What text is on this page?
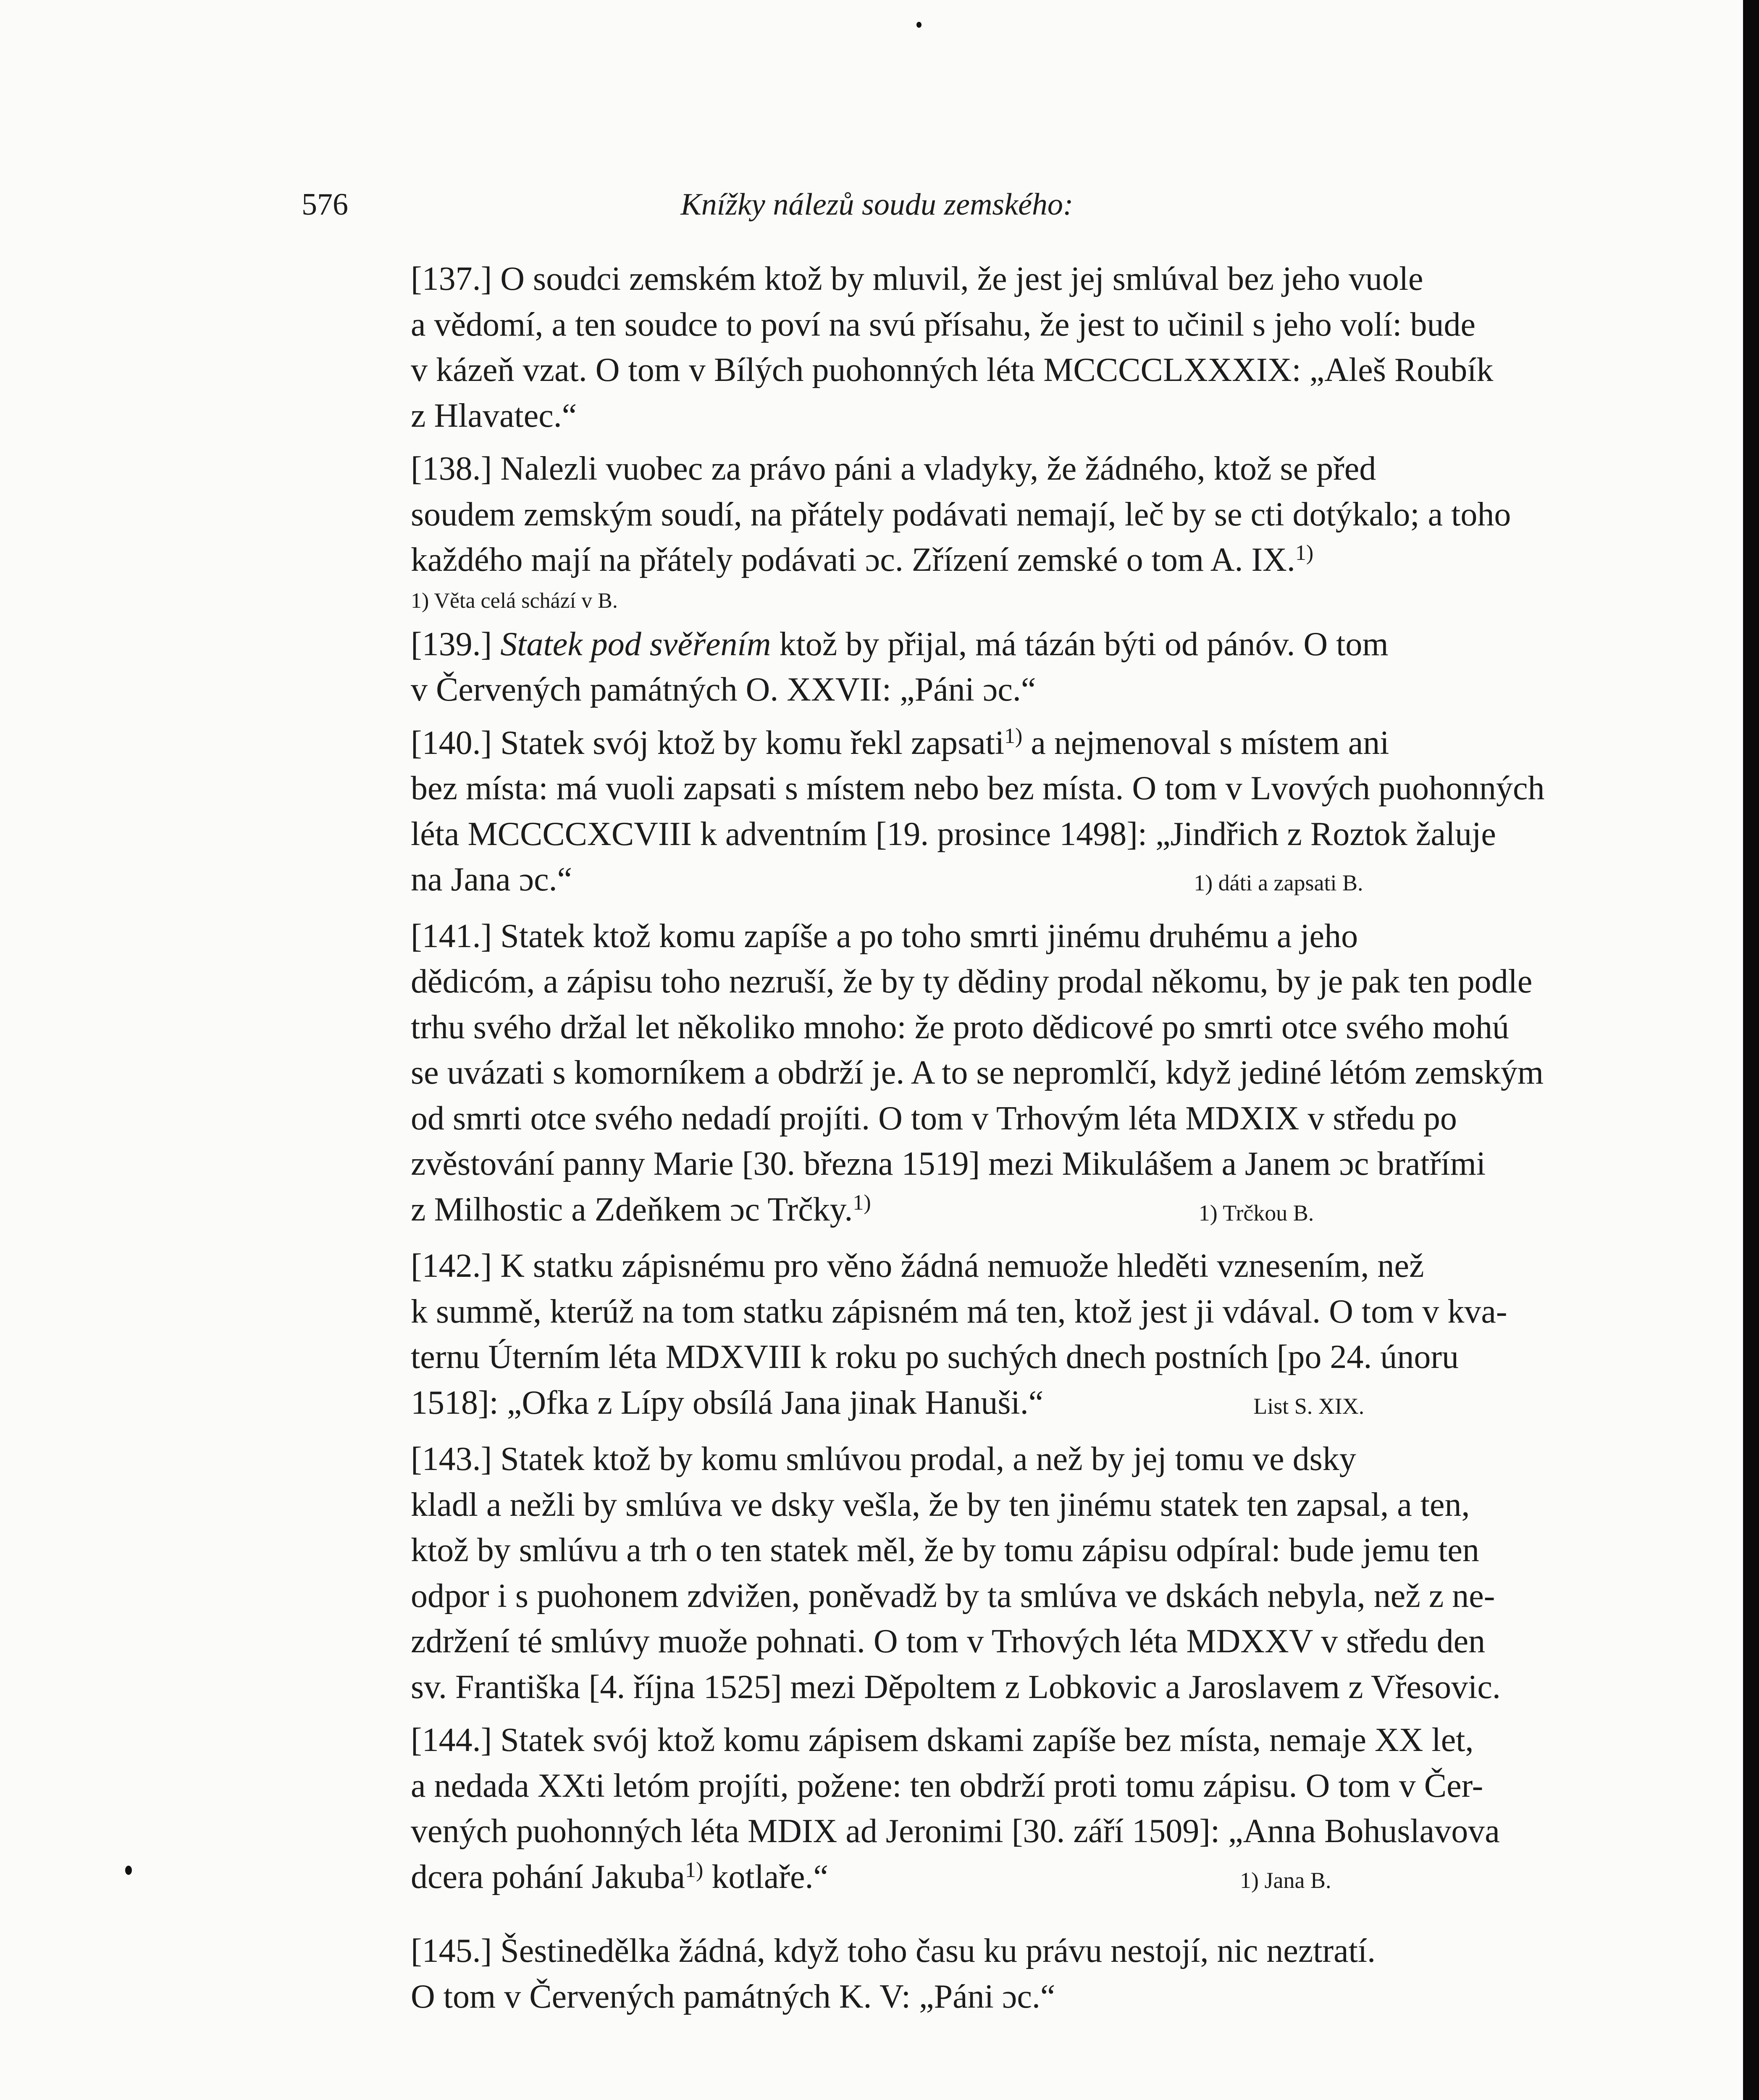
576	Knížky nálezů soudu zemského:
[137.] O soudci zemském ktož by mluvil, že jest jej smlúval bez jeho vuole
a vědomí, a ten soudce to poví na svú přísahu, že jest to učinil s jeho volí: bude
v kázeň vzat. O tom v Bílých puohonných léta MCCCCLXXXIX: „Aleš Roubík
z Hlavatec.“
[138.] Nalezli vuobec za právo páni a vladyky, že žádného, ktož se před
soudem zemským soudí, na přátely podávati nemají, leč by se cti dotýkalo; a toho
každého mají na přátely podávati ɔc. Zřízení zemské o tom A. IX.$^{1)}$
1) Věta celá schází v B.
[139.] Statek pod svěřením ktož by přijal, má tázán býti od pánóv. O tom
v Červených památných O. XXVII: „Páni ɔc.“
[140.] Statek svój ktož by komu řekl zapsati$^{1)}$ a nejmenoval s místem ani
bez místa: má vuoli zapsati s místem nebo bez místa. O tom v Lvových puohonných
léta MCCCCXCVIII k adventním [19. prosince 1498]: „Jindřich z Roztok žaluje
na Jana ɔc.“	1) dáti a zapsati B.
[141.] Statek ktož komu zapíše a po toho smrti jinému druhému a jeho
dědicóm, a zápisu toho nezruší, že by ty dědiny prodal někomu, by je pak ten podle
trhu svého držal let několiko mnoho: že proto dědicové po smrti otce svého mohú
se uvázati s komorníkem a obdrží je. A to se nepromlčí, když jediné létóm zemským
od smrti otce svého nedadí projíti. O tom v Trhovým léta MDXIX v středu po
zvěstování panny Marie [30. března 1519] mezi Mikulášem a Janem ɔc bratřími
z Milhostic a Zdeňkem ɔc Trčky.$^{1)}$	1) Trčkou B.
[142.] K statku zápisnému pro věno žádná nemuože hleděti vznesením, než
k summě, kterúž na tom statku zápisném má ten, ktož jest ji vdával. O tom v kva-
ternu Úterním léta MDXVIII k roku po suchých dnech postních [po 24. únoru
1518]: „Ofka z Lípy obsílá Jana jinak Hanuši.“	List S. XIX.
[143.] Statek ktož by komu smlúvou prodal, a než by jej tomu ve dsky
kladl a nežli by smlúva ve dsky vešla, že by ten jinému statek ten zapsal, a ten,
ktož by smlúvu a trh o ten statek měl, že by tomu zápisu odpíral: bude jemu ten
odpor i s puohonem zdvižen, poněvadž by ta smlúva ve dskách nebyla, než z ne-
zdržení té smlúvy muože pohnati. O tom v Trhových léta MDXXV v středu den
sv. Františka [4. října 1525] mezi Děpoltem z Lobkovic a Jaroslavem z Vřesovic.
[144.] Statek svój ktož komu zápisem dskami zapíše bez místa, nemaje XX let,
a nedada XXti letóm projíti, požene: ten obdrží proti tomu zápisu. O tom v Čer-
vených puohonných léta MDIX ad Jeronimi [30. září 1509]: „Anna Bohuslavova
dcera pohání Jakuba$^{1)}$ kotlaře.“	1) Jana B.
[145.] Šestinedělka žádná, když toho času ku právu nestojí, nic neztratí.
O tom v Červených památných K. V: „Páni ɔc.“
